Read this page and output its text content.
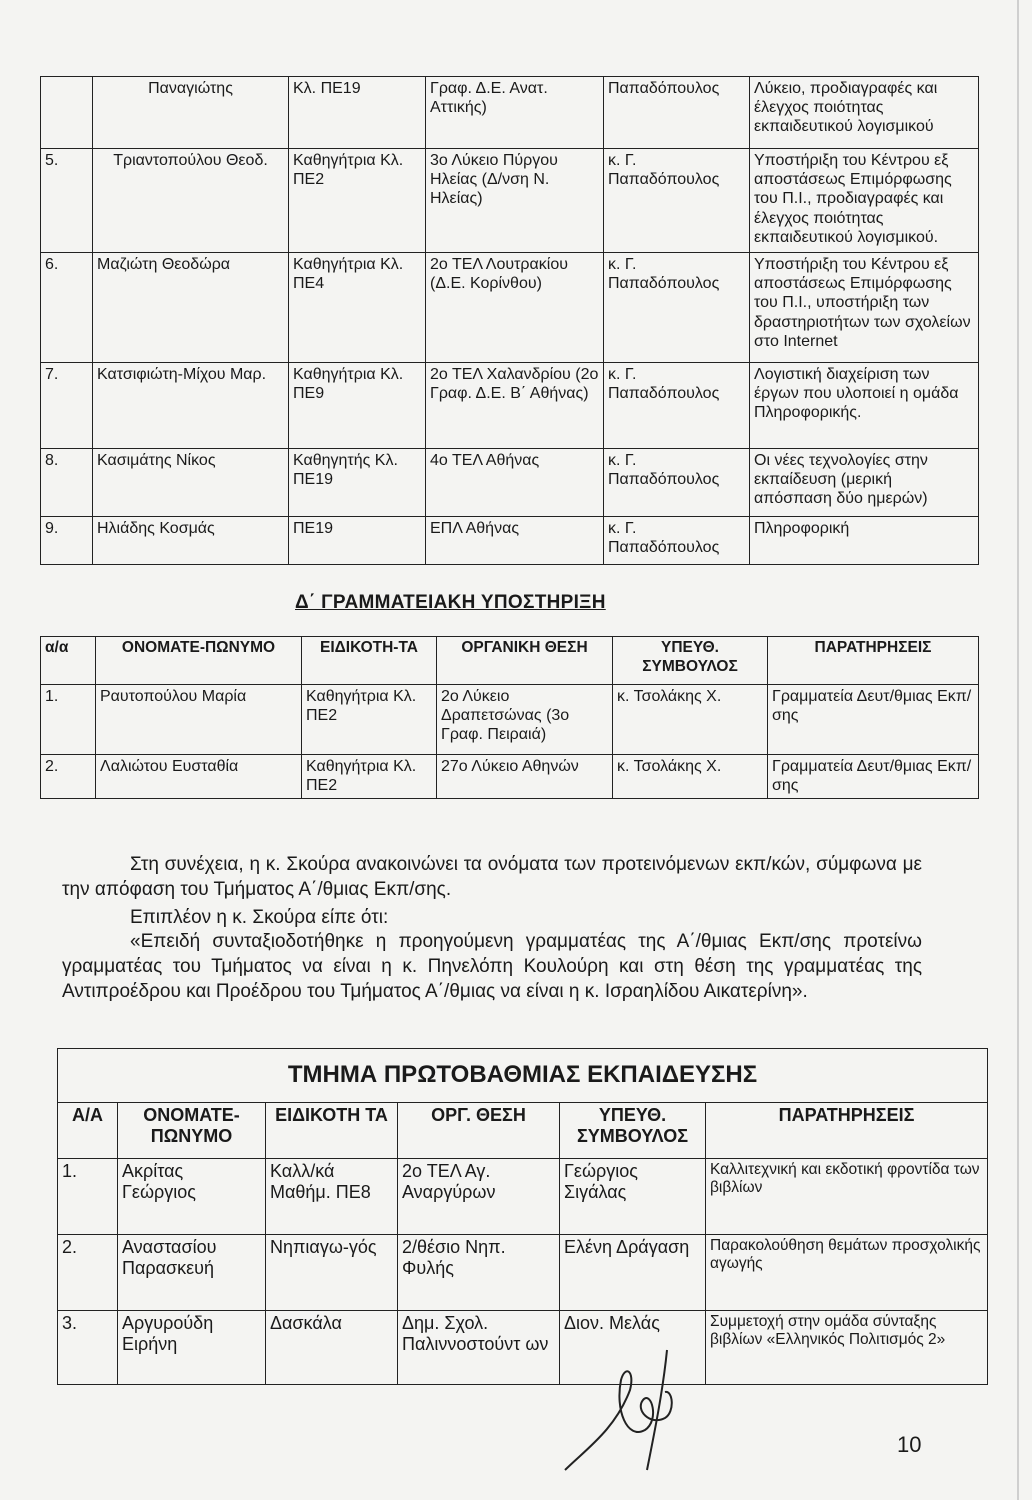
	Παναγιώτης	Κλ. ΠΕ19	Γραφ. Δ.Ε. Ανατ. Αττικής)	Παπαδόπουλος	Λύκειο, προδιαγραφές και έλεγχος ποιότητας εκπαιδευτικού λογισμικού
5.	Τριαντοπούλου Θεοδ.	Καθηγήτρια Κλ. ΠΕ2	3ο Λύκειο Πύργου Ηλείας (Δ/νση Ν. Ηλείας)	κ. Γ. Παπαδόπουλος	Υποστήριξη του Κέντρου εξ αποστάσεως Επιμόρφωσης του Π.Ι., προδιαγραφές και έλεγχος ποιότητας εκπαιδευτικού λογισμικού.
6.	Μαζιώτη Θεοδώρα	Καθηγήτρια Κλ. ΠΕ4	2ο ΤΕΛ Λουτρακίου (Δ.Ε. Κορίνθου)	κ. Γ. Παπαδόπουλος	Υποστήριξη του Κέντρου εξ αποστάσεως Επιμόρφωσης του Π.Ι., υποστήριξη των δραστηριοτήτων των σχολείων στο Internet
7.	Κατσιφιώτη-Μίχου Μαρ.	Καθηγήτρια Κλ. ΠΕ9	2ο ΤΕΛ Χαλανδρίου (2ο Γραφ. Δ.Ε. Β΄ Αθήνας)	κ. Γ. Παπαδόπουλος	Λογιστική διαχείριση των έργων που υλοποιεί η ομάδα Πληροφορικής.
8.	Κασιμάτης Νίκος	Καθηγητής Κλ. ΠΕ19	4ο ΤΕΛ Αθήνας	κ. Γ. Παπαδόπουλος	Οι νέες τεχνολογίες στην εκπαίδευση (μερική απόσπαση δύο ημερών)
9.	Ηλιάδης Κοσμάς	ΠΕ19	ΕΠΛ Αθήνας	κ. Γ. Παπαδόπουλος	Πληροφορική
Δ΄ ΓΡΑΜΜΑΤΕΙΑΚΗ ΥΠΟΣΤΗΡΙΞΗ
α/α	ΟΝΟΜΑΤΕ-ΠΩΝΥΜΟ	ΕΙΔΙΚΟΤΗ-ΤΑ	ΟΡΓΑΝΙΚΗ ΘΕΣΗ	ΥΠΕΥΘ. ΣΥΜΒΟΥΛΟΣ	ΠΑΡΑΤΗΡΗΣΕΙΣ
1.	Ραυτοπούλου Μαρία	Καθηγήτρια Κλ. ΠΕ2	2ο Λύκειο Δραπετσώνας (3ο Γραφ. Πειραιά)	κ. Τσολάκης Χ.	Γραμματεία Δευτ/θμιας Εκπ/σης
2.	Λαλιώτου Ευσταθία	Καθηγήτρια Κλ. ΠΕ2	27ο Λύκειο Αθηνών	κ. Τσολάκης Χ.	Γραμματεία Δευτ/θμιας Εκπ/σης
Στη συνέχεια, η κ. Σκούρα ανακοινώνει τα ονόματα των προτεινόμενων εκπ/κών, σύμφωνα με την απόφαση του Τμήματος Α΄/θμιας Εκπ/σης.
Επιπλέον η κ. Σκούρα είπε ότι:
«Επειδή συνταξιοδοτήθηκε η προηγούμενη γραμματέας της Α΄/θμιας Εκπ/σης προτείνω γραμματέας του Τμήματος να είναι η κ. Πηνελόπη Κουλούρη και στη θέση της γραμματέας της Αντιπροέδρου και Προέδρου του Τμήματος Α΄/θμιας να είναι η κ. Ισραηλίδου Αικατερίνη».
ΤΜΗΜΑ ΠΡΩΤΟΒΑΘΜΙΑΣ ΕΚΠΑΙΔΕΥΣΗΣ					
Α/Α	ΟΝΟΜΑΤΕ-ΠΩΝΥΜΟ	ΕΙΔΙΚΟΤΗ ΤΑ	ΟΡΓ. ΘΕΣΗ	ΥΠΕΥΘ. ΣΥΜΒΟΥΛΟΣ	ΠΑΡΑΤΗΡΗΣΕΙΣ
1.	Ακρίτας Γεώργιος	Καλλ/κά Μαθήμ. ΠΕ8	2ο ΤΕΛ Αγ. Αναργύρων	Γεώργιος Σιγάλας	Καλλιτεχνική και εκδοτική φροντίδα των βιβλίων
2.	Αναστασίου Παρασκευή	Νηπιαγω-γός	2/θέσιο Νηπ. Φυλής	Ελένη Δράγαση	Παρακολούθηση θεμάτων προσχολικής αγωγής
3.	Αργυρούδη Ειρήνη	Δασκάλα	Δημ. Σχολ. Παλιννοστούντ ων	Διον. Μελάς	Συμμετοχή στην ομάδα σύνταξης βιβλίων «Ελληνικός Πολιτισμός 2»
10
